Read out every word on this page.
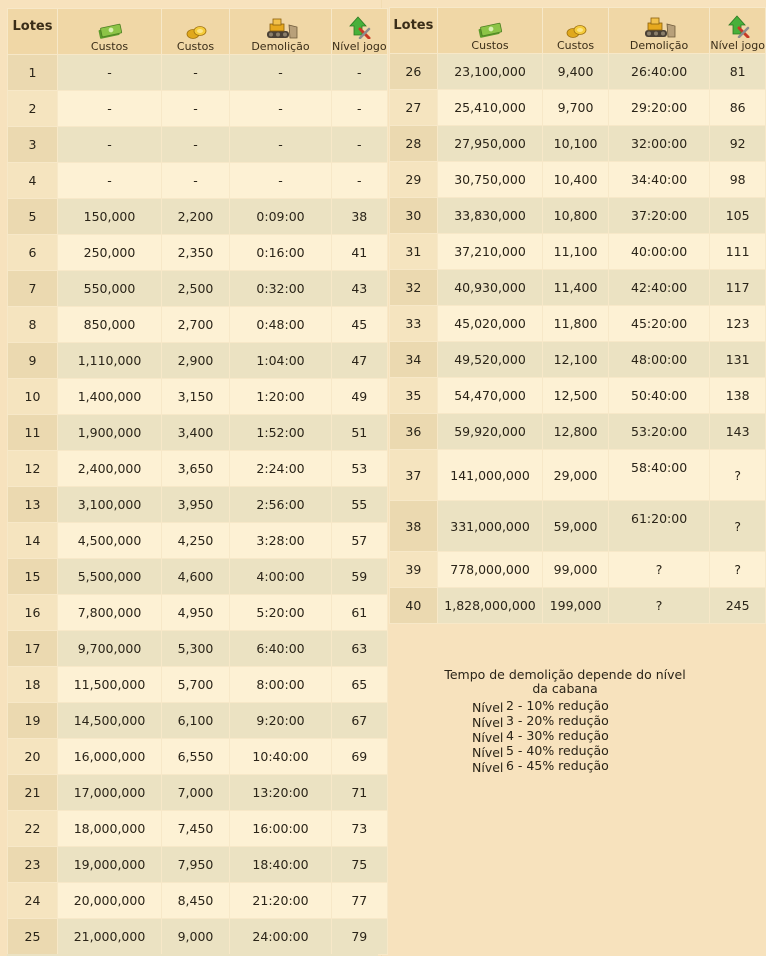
Lotes	Custos	Custos	Demolição	Nível jogo

1	-	-	-	-
2	-	-	-	-
3	-	-	-	-
4	-	-	-	-
5	150,000	2,200	0:09:00	38
6	250,000	2,350	0:16:00	41
7	550,000	2,500	0:32:00	43
8	850,000	2,700	0:48:00	45
9	1,110,000	2,900	1:04:00	47
10	1,400,000	3,150	1:20:00	49
11	1,900,000	3,400	1:52:00	51
12	2,400,000	3,650	2:24:00	53
13	3,100,000	3,950	2:56:00	55
14	4,500,000	4,250	3:28:00	57
15	5,500,000	4,600	4:00:00	59
16	7,800,000	4,950	5:20:00	61
17	9,700,000	5,300	6:40:00	63
18	11,500,000	5,700	8:00:00	65
19	14,500,000	6,100	9:20:00	67
20	16,000,000	6,550	10:40:00	69
21	17,000,000	7,000	13:20:00	71
22	18,000,000	7,450	16:00:00	73
23	19,000,000	7,950	18:40:00	75
24	20,000,000	8,450	21:20:00	77
25	21,000,000	9,000	24:00:00	79
Lotes	Custos	Custos	Demolição	Nível jogo

26	23,100,000	9,400	26:40:00	81
27	25,410,000	9,700	29:20:00	86
28	27,950,000	10,100	32:00:00	92
29	30,750,000	10,400	34:40:00	98
30	33,830,000	10,800	37:20:00	105
31	37,210,000	11,100	40:00:00	111
32	40,930,000	11,400	42:40:00	117
33	45,020,000	11,800	45:20:00	123
34	49,520,000	12,100	48:00:00	131
35	54,470,000	12,500	50:40:00	138
36	59,920,000	12,800	53:20:00	143
37	141,000,000	29,000	58:40:00	?
38	331,000,000	59,000	61:20:00	?
39	778,000,000	99,000	?	?
40	1,828,000,000	199,000	?	245
Tempo de demolição depende do nível
da cabana
Nível 2 - 10% redução
Nível 3 - 20% redução
Nível 4 - 30% redução
Nível 5 - 40% redução
Nível 6 - 45% redução
